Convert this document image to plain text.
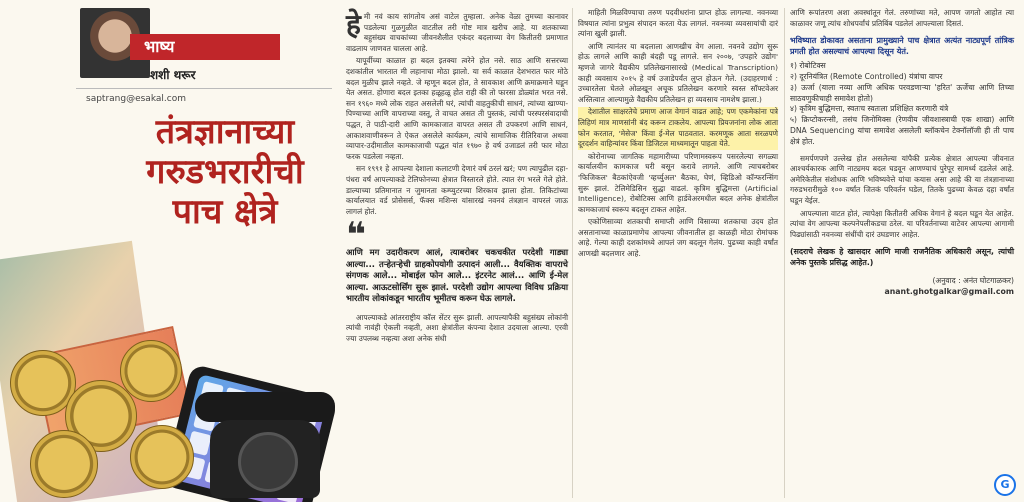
भाष्य
शशी थरूर
saptrang@esakal.com
तंत्रज्ञानाच्या
गरुडभरारीची
पाच क्षेत्रे
हे मी नवं काय सांगतोय असं वाटेल तुम्हाला. अनेक वेळा तुमच्या कानावर पडलेल्या गुळगुळीत वाटतील तरी गोष्ट मात्र खरीच आहे. या शतकाच्या बहुसंख्य वाचकांच्या जीवनशैलीत एकंदर बदलाच्या वेग कितीतरी प्रमाणात वाढलाय जाणवत चालला आहे.

यापूर्वीच्या काळात हा बदल इतक्या त्वरेने होत नसे. साठ आणि सत्तरच्या दशकांतील भारतात मी लहानाचा मोठा झालो. या सर्व काळात देशभरात फार मोठे बदल मुळीच झाले नव्हते. जे म्हणून बदल होत, ते सावकाश आणि क्रमाक्रमाने घडून येत असत. होणारा बदल इतका हळूहळू होत राही की तो फारसा डोळ्यांत भरत नसे. सन १९६० मध्ये लोक राहत असलेली घरं, त्यांची वाहतुकीची साधनं, त्यांच्या खाण्या-पिण्याच्या आणि वापराच्या वस्तू, ते वाचत असत ती पुस्तकं, त्यांची परस्परसंवादाची पद्धत, ते पाठी-दारी आणि कामकाजात वापरत असत ती उपकरणं आणि साधनं, आकाशवाणीवरून ते ऐकत असलेले कार्यक्रम, त्यांचे सामाजिक रीतिरिवाज अथवा व्यापार-उदीमातील कामकाजाची पद्धत यांत १९७० हे वर्ष उजाडलं तरी फार मोठा फरक पडलेला नव्हता.

सन १९९१ हे आपल्या देशाला कलाटणी देणारं वर्ष ठरलं खरं; पण त्यापुढील दहा-पंधरा वर्षं आपल्याकडे टेलिफोनच्या क्षेत्रात विस्तारले होते. त्यात रंग भरले गेले होते. डाल्याच्या प्रतिमानात न जुमानता कम्प्युटरच्या शिरकाव झाला होता. तिकिटांच्या कार्यालयात वर्ड प्रोसेसर्स, फॅक्स मशिन्स यांसारखं नवनवं तंत्रज्ञान वापरलं जाऊ लागलं होतं.

❝
आणि मग उदारीकरण आलं, त्याबरोबर चकचकीत परदेशी गाड्या आल्या... तऱ्हेतऱ्हेची ग्राहकोपयोगी उत्पादनं आली... वैयक्तिक वापराचे संगणक आले... मोबाईल फोन आले... इंटरनेट आलं... आणि ई-मेल आल्या. आऊटसोर्सिंग सुरू झालं. परदेशी उद्योग आपल्या विविध प्रक्रिया भारतीय लोकांकडून भारतीय भूमीतच करून घेऊ लागले.

आपल्याकडे आंतरराष्ट्रीय कॉल सेंटर सुरू झाली. आपल्यापैकी बहुसंख्य लोकांनी त्यांची नावंही ऐकली नव्हती, अशा क्षेत्रांतील कंपन्या देशात उदयाला आल्या. एरवी ज्या उपलब्ध नव्हत्या अशा अनेक संधी

माहिती मिळविण्याचा तरुण पदवीधरांना प्राप्त होऊ लागल्या. नवनव्या विषयात त्यांना प्रभुत्व संपादन करता येऊ लागलं. नवनव्या व्यवसायांची दारं त्यांना खुली झाली.

आणि त्यानंतर या बदलाला आणखीच वेग आला. नवनवे उद्योग सुरू होऊ लागले आणि काही बंदही पडू लागले. सन २००७, 'उपहारे उद्योग' म्हणजे जागरे वैद्यकीय प्रतिलेखनासारखे (Medical Transcription) काही व्यवसाय २०१५ हे वर्ष उजाडेपर्यंत लुप्त होऊन गेले. (उदाहरणार्थ : उच्चारतेला घेतले ओळखून अचूक प्रतिलेखन करणारे स्वस्त सॉफ्टवेअर अस्तित्वात आल्यामुळे वैद्यकीय प्रतिलेखन हा व्यवसाय नामशेष झाला.)

देशातील साक्षरतेचे प्रमाण आज वेगानं वाढत आहे; पण एकमेकांना पत्रे लिहिणं मात्र माणसांनी बंद करून टाकलेय. आपल्या प्रियजनांना लोक आता फोन करतात, 'मेसेज' किंवा ई-मेल पाठवतात. करमणूक आता सरळपणे दूरदर्शन वाहिन्यांवर किंवा डिजिटल माध्यमातून पाहता येते.

कोरोनाच्या जागतिक महामारीच्या परिणामस्वरूप पसरलेल्या सगळ्या कार्यालयीन कामकाज घरी बसून करावे लागले. आणि त्याचबरोबर 'फिजिकल' बैठकांऐवजी 'व्हर्च्युअल' बैठका, घेणं, व्हिडिओ कॉन्फरन्सिंग सुरू झालं. टेलिमेडिसिन सुद्धा वाढलं. कृत्रिम बुद्धिमत्ता (Artificial Intelligence), रोबोटिक्स आणि हार्डवेअरमधील बदल अनेक क्षेत्रांतील कामकाजाचं स्वरूप बदलून टाकत आहेत.

एकोणिसाव्या शतकाची समाप्ती आणि विसाव्या शतकाचा उदय होत असतानाच्या काळाप्रमाणेच आपल्या जीवनातील हा काळही मोठा रोमांचक आहे. गेल्या काही दशकांमध्ये आपलं जग बदलून गेलंय. पुढच्या काही वर्षांत आणखी बदलणार आहे.

आणि रूपांतरण अशा अवस्थांतून गेलं. तरुणांच्या मते, आपण जगतो आहोत त्या काळावर जणू त्यांच शोधपर्वांचं प्रतिबिंब पडलेलं आपल्याला दिसतं.

भविष्यात डोकावत असताना प्रामुख्याने पाच क्षेत्रात अत्यंत नाट्यपूर्ण तांत्रिक प्रगती होत असल्याचं आपल्या दिसून येतं.
१) रोबोटिक्स
२) दूरनियंत्रित (Remote Controlled) यंत्रांचा वापर
३) ऊर्जा (याला नव्या आणि अधिक परवडणाऱ्या 'हरित' ऊर्जेचा आणि तिच्या साठवणुकीचाही समावेश होतो)
४) कृत्रिम बुद्धिमत्ता, स्वतःच स्वतःला प्रशिक्षित करणारी यंत्रे
५) क्रिप्टोकरन्सी, तसंच जिनोमिक्स (रेणवीय जीवशास्त्राची एक शाखा) आणि DNA Sequencing यांचा समावेश असलेली ब्लॉकचेन टेक्नॉलॉजी ही ती पाच क्षेत्रं होत.

समर्पणपणे उल्लेख होत असलेल्या यांपैकी प्रत्येक क्षेत्रात आपल्या जीवनात आश्चर्यकारक आणि नाट्यमय बदल घडवून आणण्याचं पुरेपूर सामर्थ्य दडलेलं आहे. अमेरिकेतील संशोधक आणि भविष्यवेत्ते यांचा कयास असा आहे की या तंत्रज्ञानाच्या गरुडभरारीमुळे १०० वर्षांत जितकं परिवर्तन घडेल, तितके पुढच्या केवळ दहा वर्षांत घडून येईल.

आपल्याला वाटत होतं, त्यापेक्षा कितीतरी अधिक वेगानं हे बदल घडून येत आहेत. त्यांचा वेग आपल्या कल्पनेपलीकडचा ठरेल. या परिवर्तनाच्या वाटेवर आपल्या आगामी पिढ्यांसाठी नवनव्या संधींची दारं उघडणार आहेत.

(सदराचे लेखक हे खासदार आणि माजी राजनैतिक अधिकारी असून, त्यांची अनेक पुस्तके प्रसिद्ध आहेत.)
(अनुवाद : अनंत घोटगाळकर)
anant.ghotgalkar@gmail.com
G
